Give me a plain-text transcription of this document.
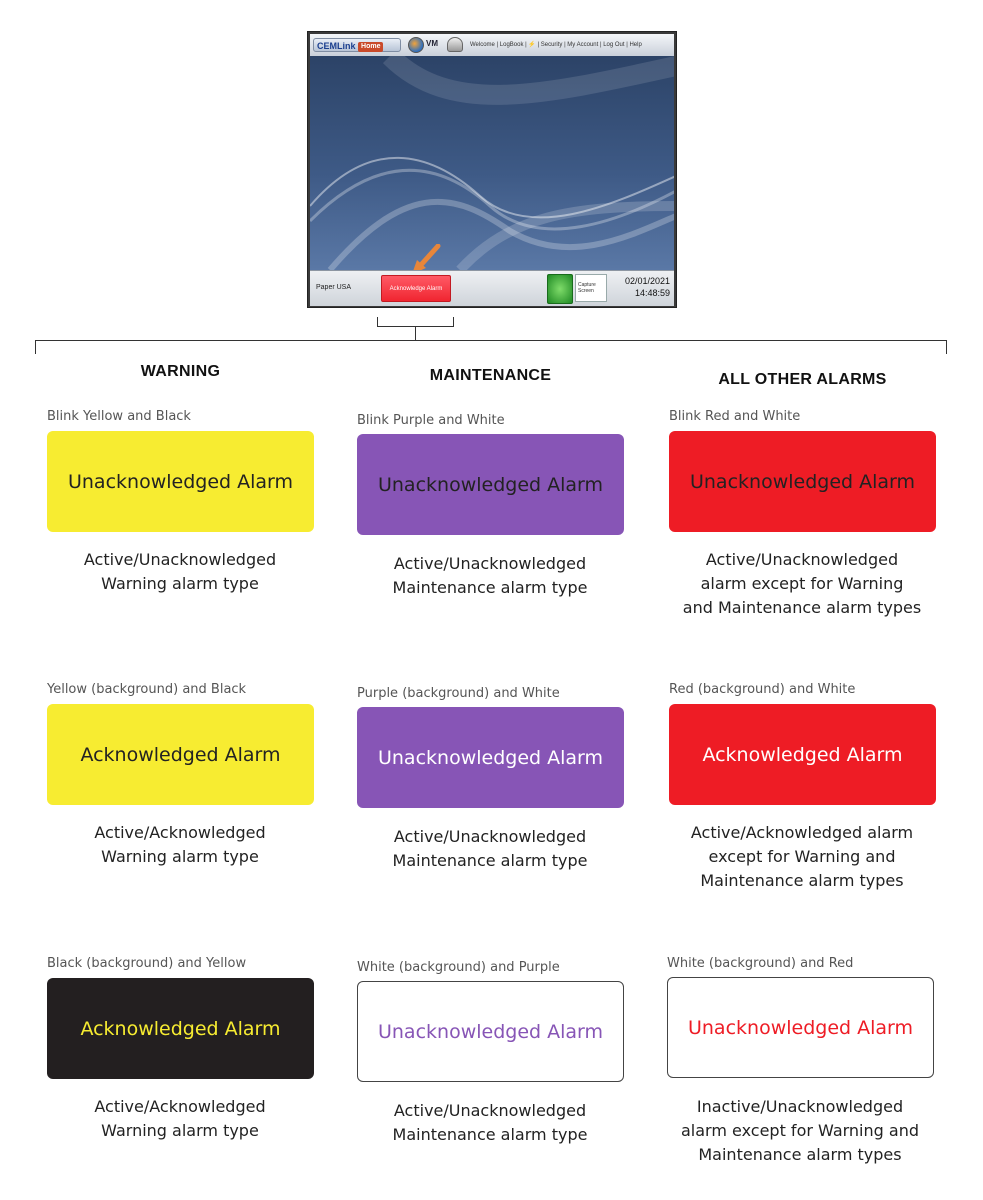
CEMLink Home	VM	Welcome | LogBook | ⚡ | Security | My Account | Log Out | Help
Paper USA	Acknowledge Alarm
Capture
Screen
02/01/2021
14:48:59
WARNING
Blink Yellow and Black
Unacknowledged Alarm
Active/Unacknowledged
Warning alarm type
Yellow (background) and Black
Acknowledged Alarm
Active/Acknowledged
Warning alarm type
Black (background) and Yellow
Acknowledged Alarm
Active/Acknowledged
Warning alarm type
MAINTENANCE
Blink Purple and White
Unacknowledged Alarm
Active/Unacknowledged
Maintenance alarm type
Purple (background) and White
Unacknowledged Alarm
Active/Unacknowledged
Maintenance alarm type
White (background) and Purple
Unacknowledged Alarm
Active/Unacknowledged
Maintenance alarm type
ALL OTHER ALARMS
Blink Red and White
Unacknowledged Alarm
Active/Unacknowledged
alarm except for Warning
and Maintenance alarm types
Red (background) and White
Acknowledged Alarm
Active/Acknowledged alarm
except for Warning and
Maintenance alarm types
White (background) and Red
Unacknowledged Alarm
Inactive/Unacknowledged
alarm except for Warning and
Maintenance alarm types
